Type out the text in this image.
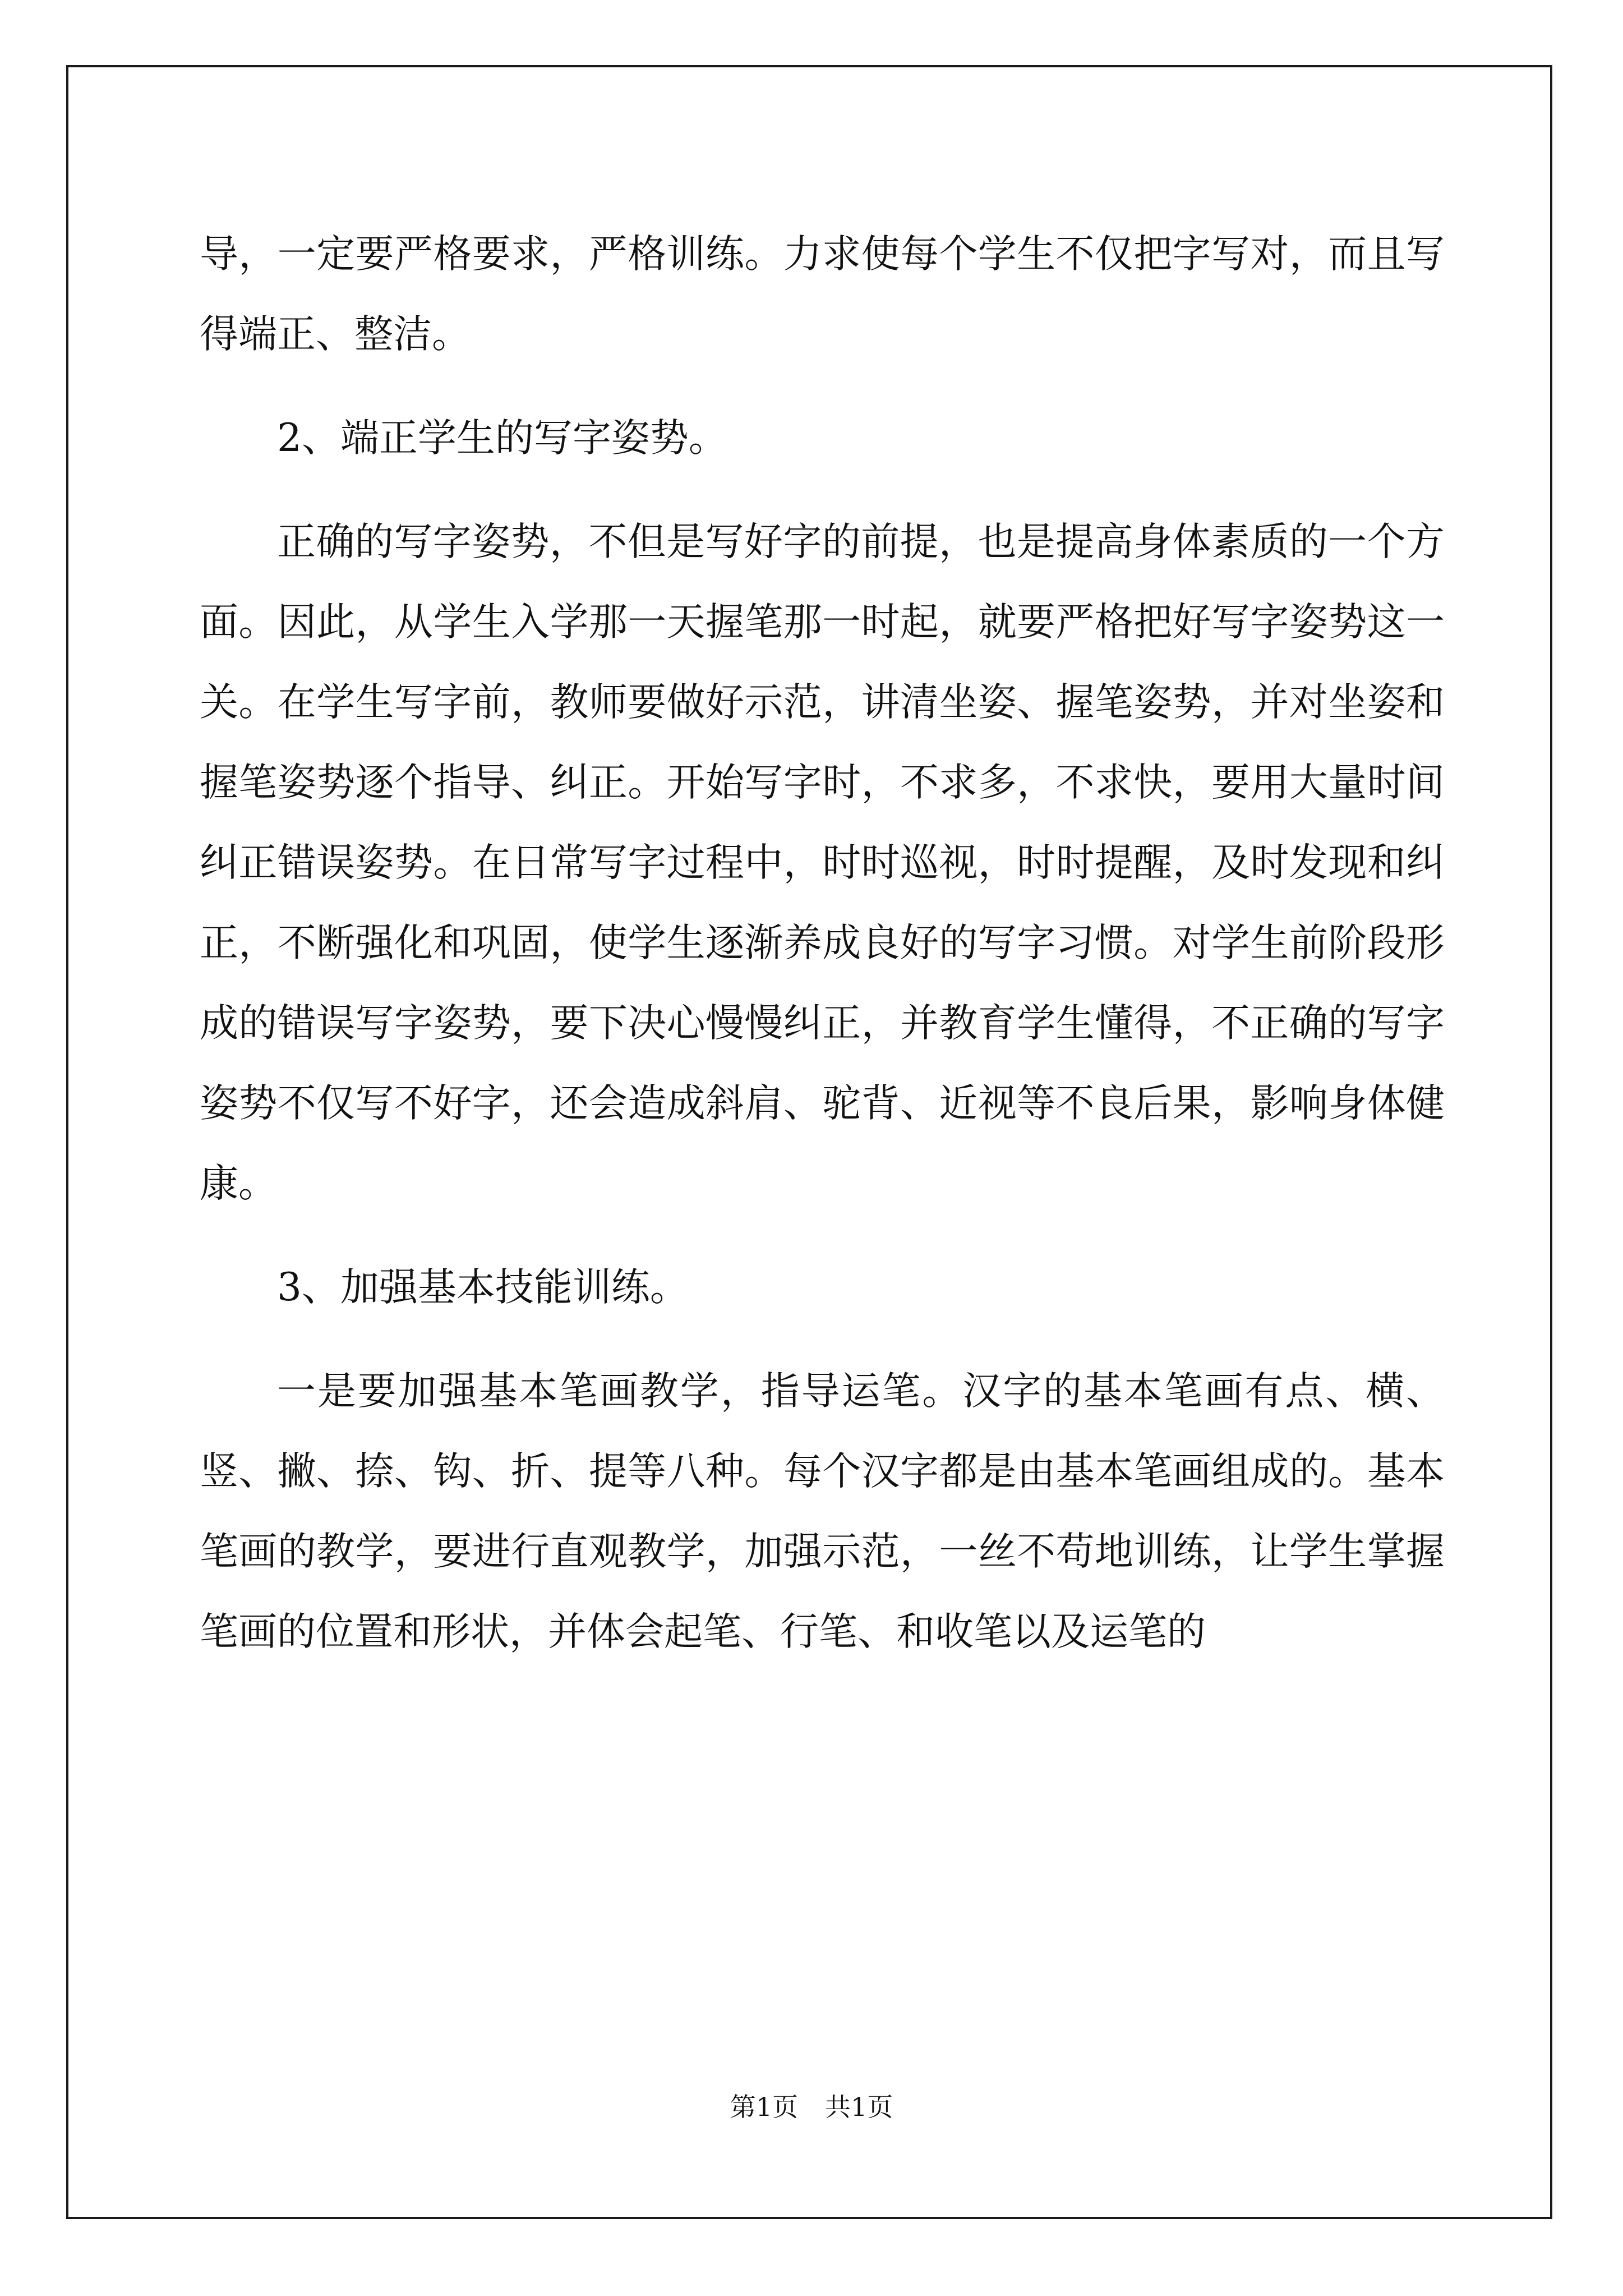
导，一定要严格要求，严格训练。力求使每个学生不仅把字写对，而且写得端正、整洁。

2、端正学生的写字姿势。

正确的写字姿势，不但是写好字的前提，也是提高身体素质的一个方面。因此，从学生入学那一天握笔那一时起，就要严格把好写字姿势这一关。在学生写字前，教师要做好示范，讲清坐姿、握笔姿势，并对坐姿和握笔姿势逐个指导、纠正。开始写字时，不求多，不求快，要用大量时间纠正错误姿势。在日常写字过程中，时时巡视，时时提醒，及时发现和纠正，不断强化和巩固，使学生逐渐养成良好的写字习惯。对学生前阶段形成的错误写字姿势，要下决心慢慢纠正，并教育学生懂得，不正确的写字姿势不仅写不好字，还会造成斜肩、驼背、近视等不良后果，影响身体健康。

3、加强基本技能训练。

一是要加强基本笔画教学，指导运笔。汉字的基本笔画有点、横、竖、撇、捺、钩、折、提等八种。每个汉字都是由基本笔画组成的。基本笔画的教学，要进行直观教学，加强示范，一丝不苟地训练，让学生掌握笔画的位置和形状，并体会起笔、行笔、和收笔以及运笔的

第1页 共1页
